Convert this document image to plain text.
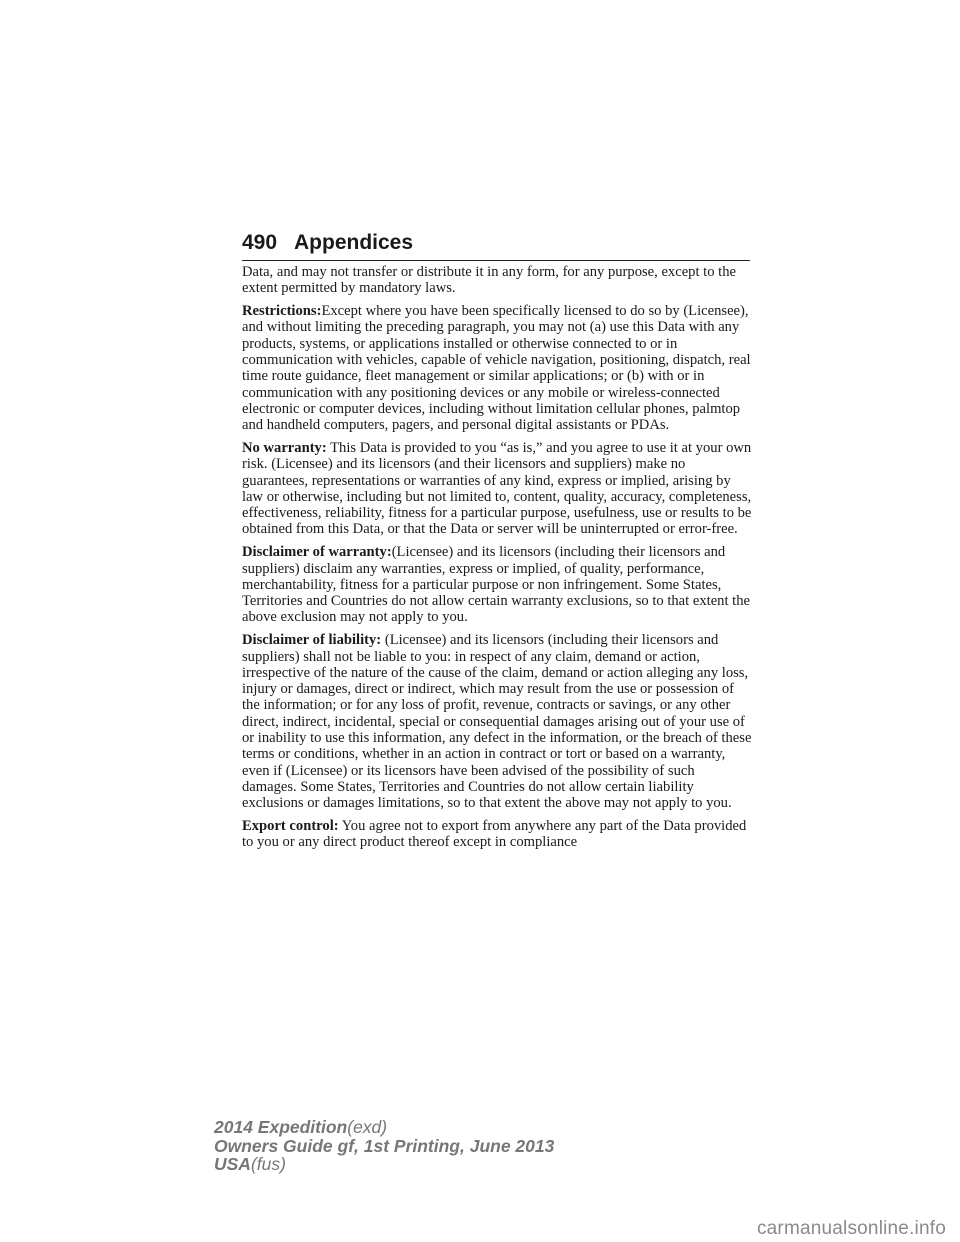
490 Appendices

Data, and may not transfer or distribute it in any form, for any purpose, except to the extent permitted by mandatory laws.

Restrictions:Except where you have been specifically licensed to do so by (Licensee), and without limiting the preceding paragraph, you may not (a) use this Data with any products, systems, or applications installed or otherwise connected to or in communication with vehicles, capable of vehicle navigation, positioning, dispatch, real time route guidance, fleet management or similar applications; or (b) with or in communication with any positioning devices or any mobile or wireless-connected electronic or computer devices, including without limitation cellular phones, palmtop and handheld computers, pagers, and personal digital assistants or PDAs.

No warranty: This Data is provided to you “as is,” and you agree to use it at your own risk. (Licensee) and its licensors (and their licensors and suppliers) make no guarantees, representations or warranties of any kind, express or implied, arising by law or otherwise, including but not limited to, content, quality, accuracy, completeness, effectiveness, reliability, fitness for a particular purpose, usefulness, use or results to be obtained from this Data, or that the Data or server will be uninterrupted or error-free.

Disclaimer of warranty:(Licensee) and its licensors (including their licensors and suppliers) disclaim any warranties, express or implied, of quality, performance, merchantability, fitness for a particular purpose or non infringement. Some States, Territories and Countries do not allow certain warranty exclusions, so to that extent the above exclusion may not apply to you.

Disclaimer of liability: (Licensee) and its licensors (including their licensors and suppliers) shall not be liable to you: in respect of any claim, demand or action, irrespective of the nature of the cause of the claim, demand or action alleging any loss, injury or damages, direct or indirect, which may result from the use or possession of the information; or for any loss of profit, revenue, contracts or savings, or any other direct, indirect, incidental, special or consequential damages arising out of your use of or inability to use this information, any defect in the information, or the breach of these terms or conditions, whether in an action in contract or tort or based on a warranty, even if (Licensee) or its licensors have been advised of the possibility of such damages. Some States, Territories and Countries do not allow certain liability exclusions or damages limitations, so to that extent the above may not apply to you.

Export control: You agree not to export from anywhere any part of the Data provided to you or any direct product thereof except in compliance

2014 Expedition(exd)
Owners Guide gf, 1st Printing, June 2013
USA(fus)
carmanualsonline.info
